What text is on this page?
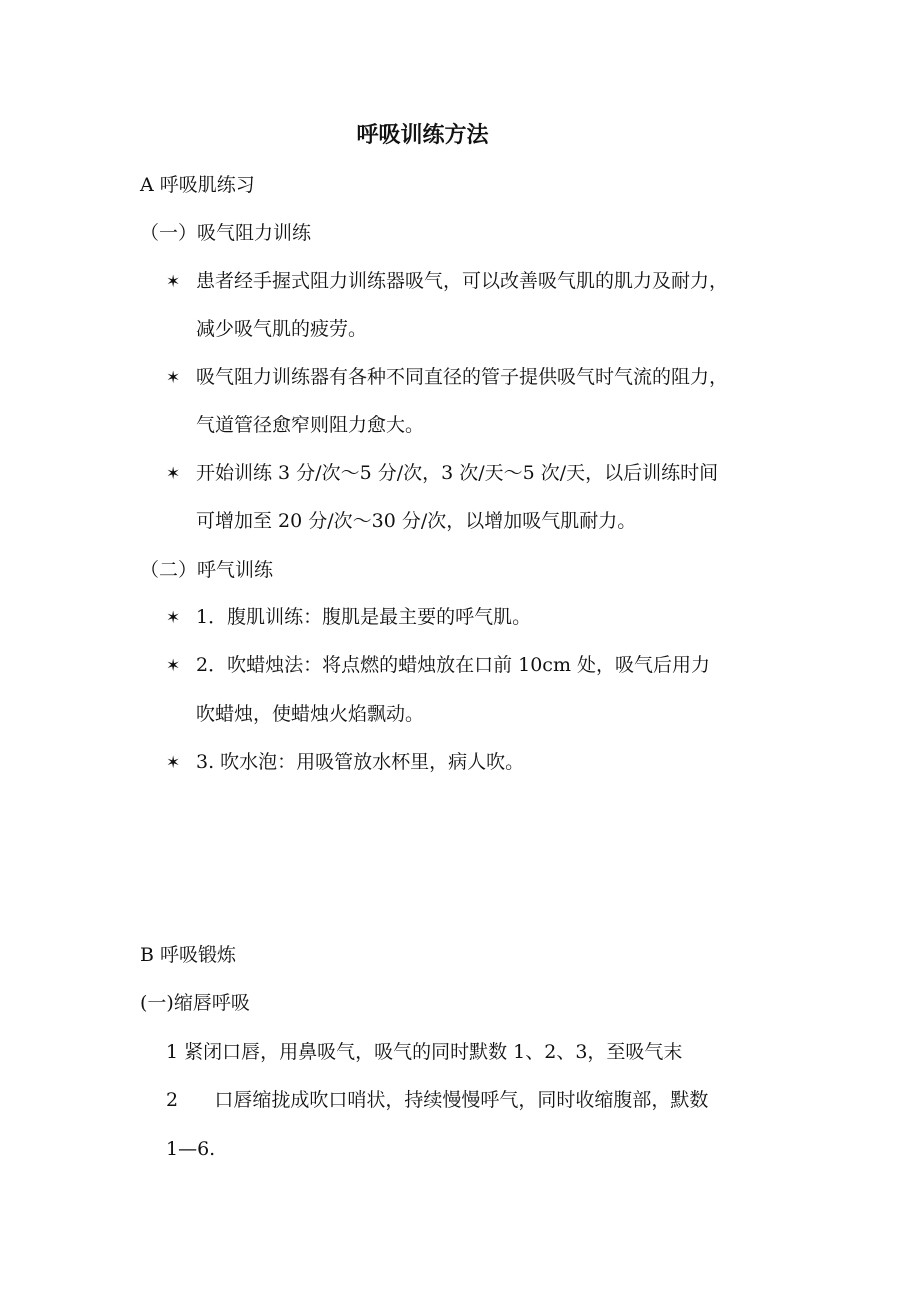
呼吸训练方法
A 呼吸肌练习
（一）吸气阻力训练
✶ 患者经手握式阻力训练器吸气，可以改善吸气肌的肌力及耐力，
减少吸气肌的疲劳。
✶ 吸气阻力训练器有各种不同直径的管子提供吸气时气流的阻力，
气道管径愈窄则阻力愈大。
✶ 开始训练 3 分/次～5 分/次，3 次/天～5 次/天，以后训练时间
可增加至 20 分/次～30 分/次，以增加吸气肌耐力。
（二）呼气训练
✶ 1．腹肌训练：腹肌是最主要的呼气肌。
✶ 2．吹蜡烛法：将点燃的蜡烛放在口前 10cm 处，吸气后用力
吹蜡烛，使蜡烛火焰飘动。
✶ 3. 吹水泡：用吸管放水杯里，病人吹。
B 呼吸锻炼
(一)缩唇呼吸
1 紧闭口唇，用鼻吸气，吸气的同时默数 1、2、3，至吸气末
2      口唇缩拢成吹口哨状，持续慢慢呼气，同时收缩腹部，默数
1—6.
